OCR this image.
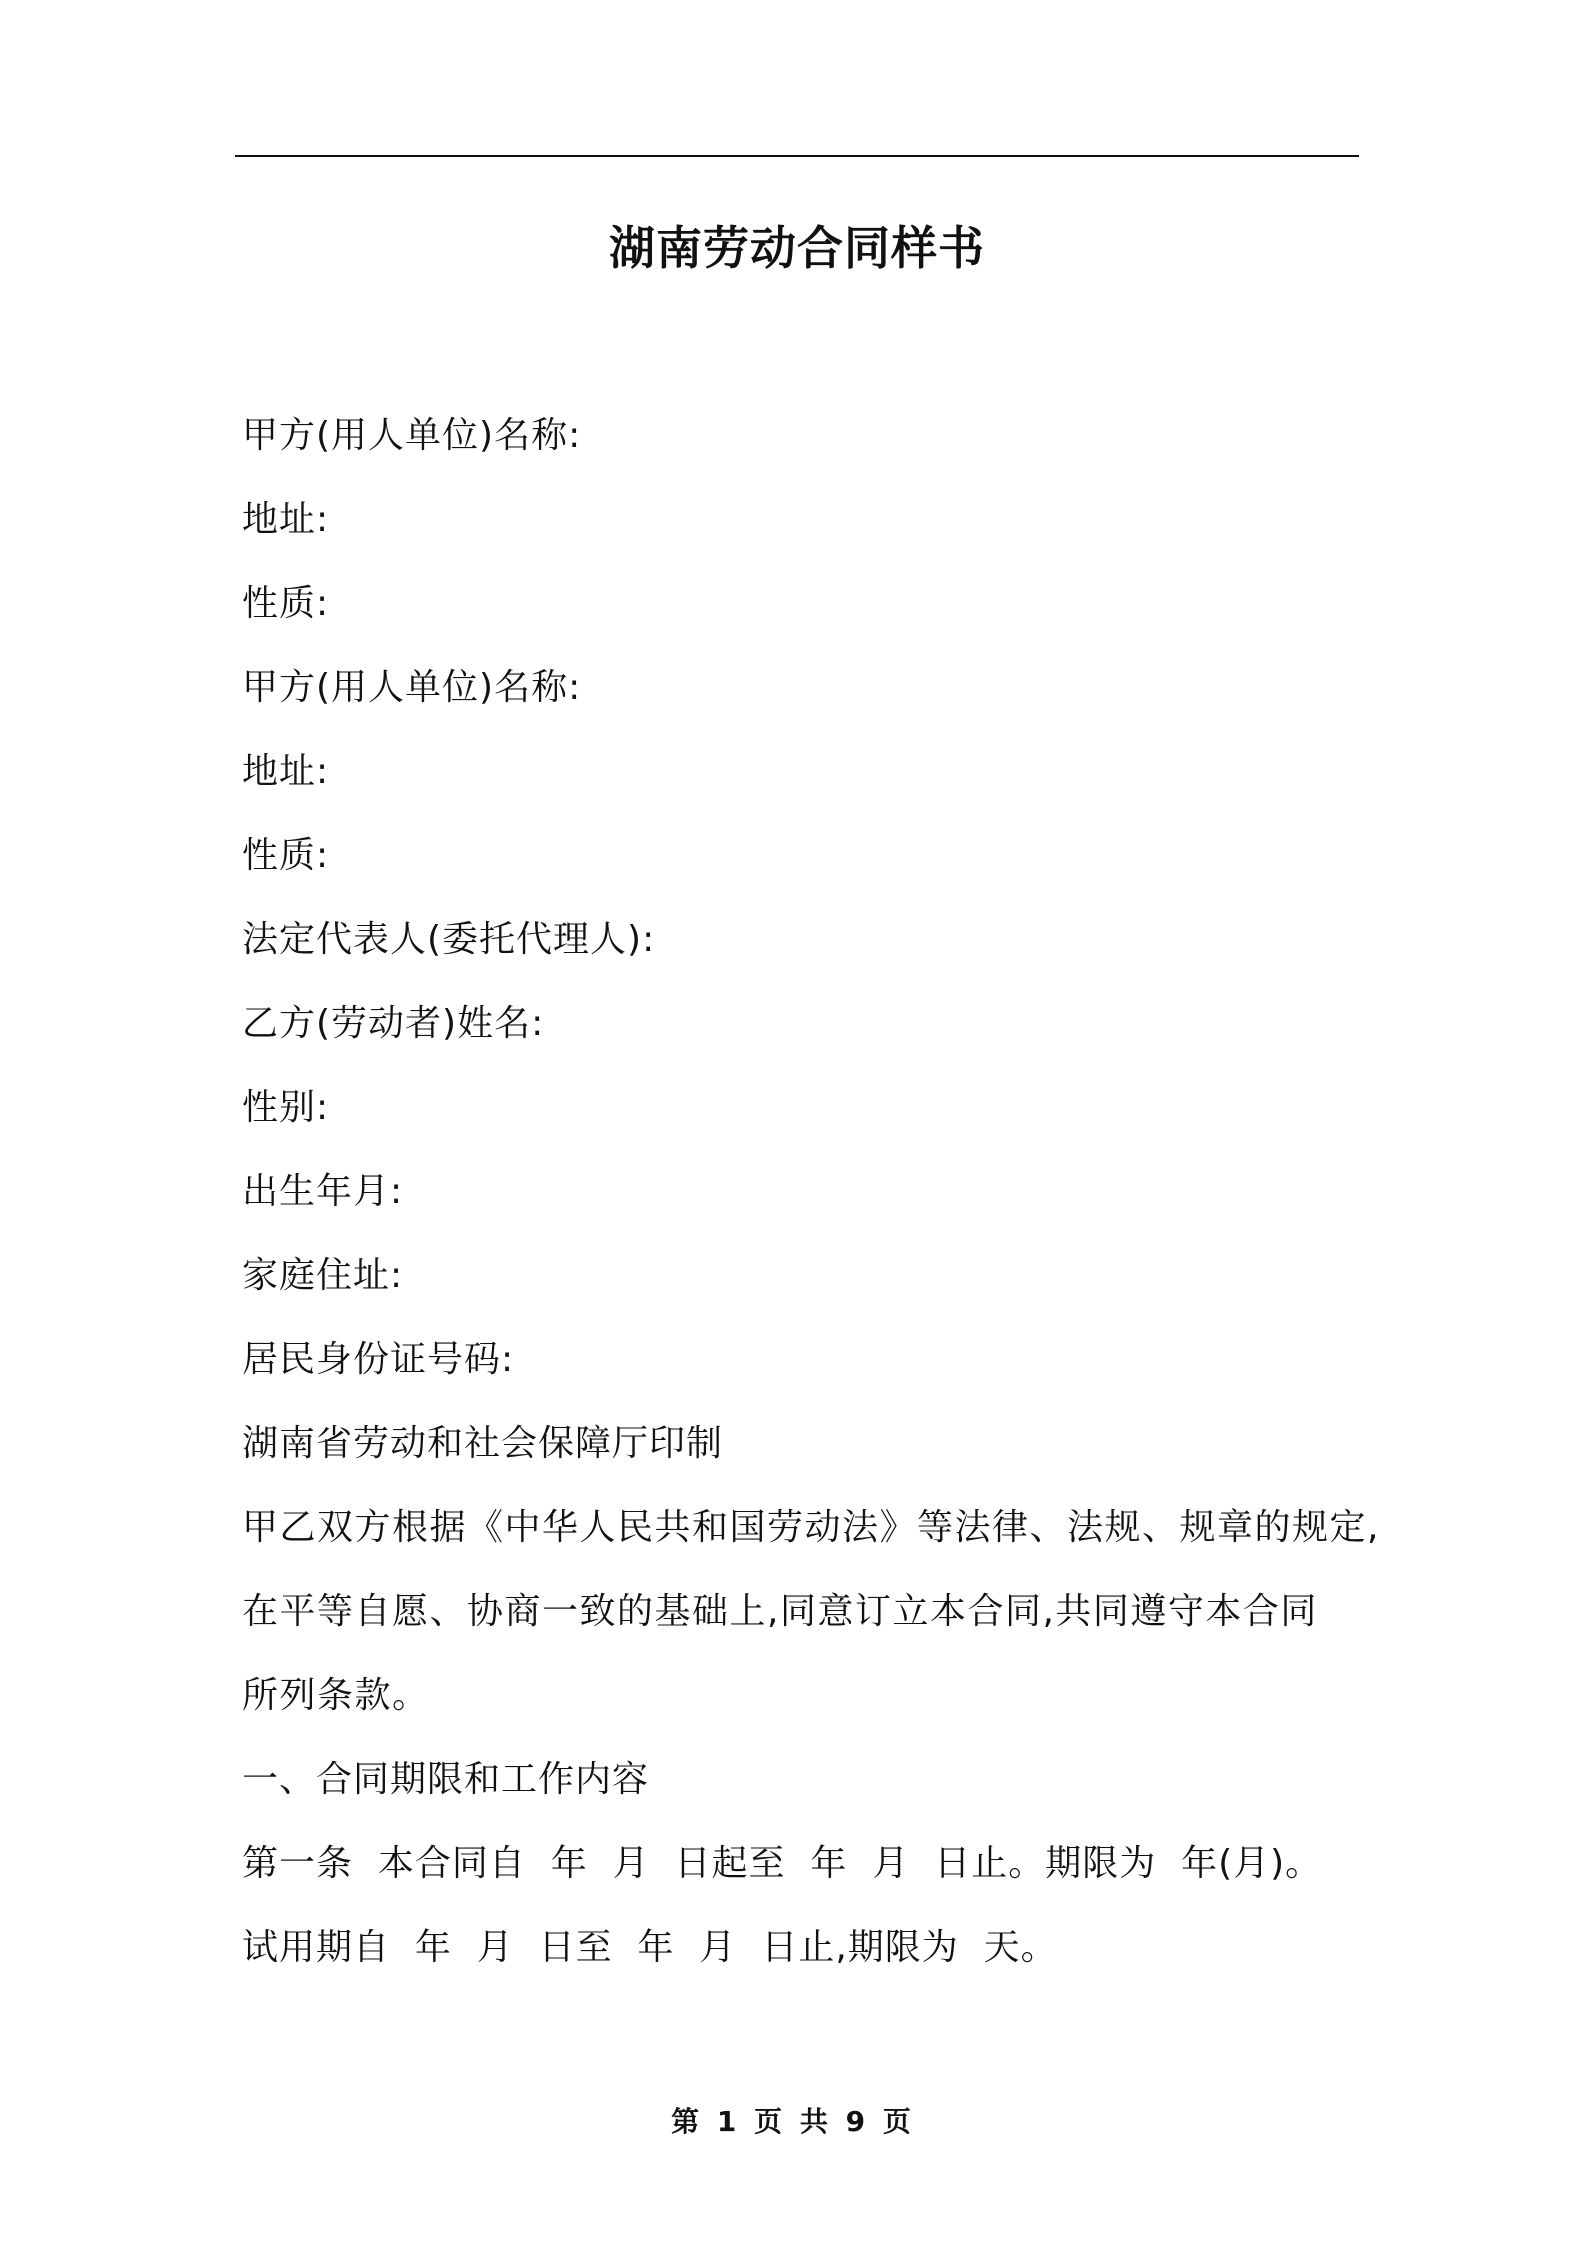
湖南劳动合同样书
甲方(用人单位)名称:
地址:
性质:
甲方(用人单位)名称:
地址:
性质:
法定代表人(委托代理人):
乙方(劳动者)姓名:
性别:
出生年月:
家庭住址:
居民身份证号码:
湖南省劳动和社会保障厅印制
甲乙双方根据《中华人民共和国劳动法》等法律、法规、规章的规定,
在平等自愿、协商一致的基础上,同意订立本合同,共同遵守本合同
所列条款。
一、合同期限和工作内容
第一条  本合同自  年  月  日起至  年  月  日止。期限为  年(月)。
试用期自  年  月  日至  年  月  日止,期限为  天。
第 1 页 共 9 页
